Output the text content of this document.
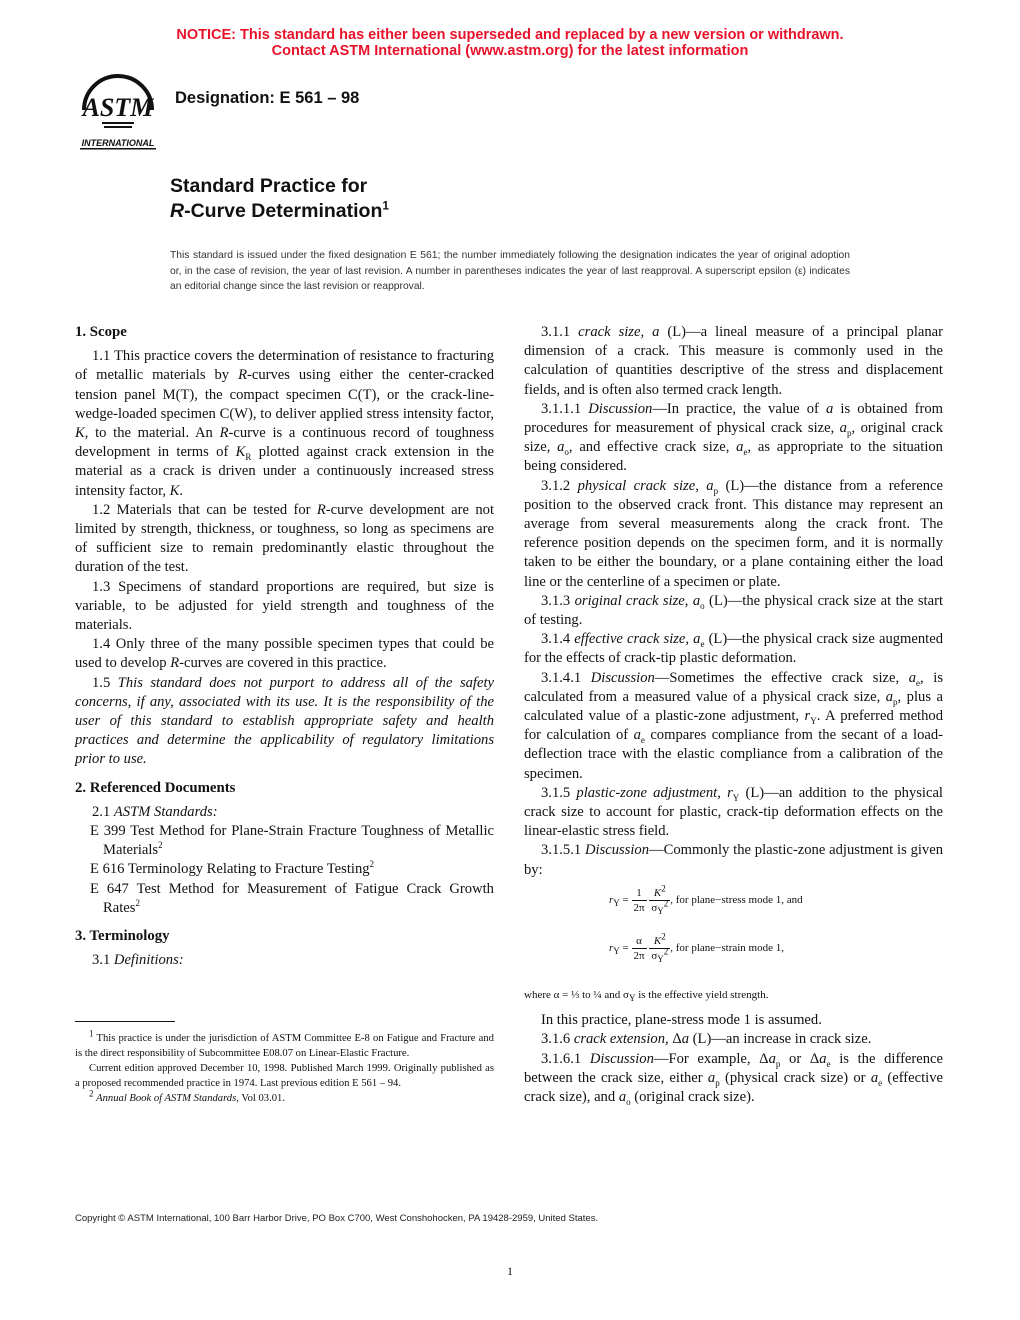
NOTICE: This standard has either been superseded and replaced by a new version or withdrawn.
Contact ASTM International (www.astm.org) for the latest information
ASTM
INTERNATIONAL
Designation: E 561 – 98
Standard Practice for
R-Curve Determination$^1$
This standard is issued under the fixed designation E 561; the number immediately following the designation indicates the year of original adoption or, in the case of revision, the year of last revision. A number in parentheses indicates the year of last reapproval. A superscript epsilon (ε) indicates an editorial change since the last revision or reapproval.
1. Scope

1.1 This practice covers the determination of resistance to fracturing of metallic materials by R-curves using either the center-cracked tension panel M(T), the compact specimen C(T), or the crack-line-wedge-loaded specimen C(W), to deliver applied stress intensity factor, K, to the material. An R-curve is a continuous record of toughness development in terms of $K_R$ plotted against crack extension in the material as a crack is driven under a continuously increased stress intensity factor, K.

1.2 Materials that can be tested for R-curve development are not limited by strength, thickness, or toughness, so long as specimens are of sufficient size to remain predominantly elastic throughout the duration of the test.

1.3 Specimens of standard proportions are required, but size is variable, to be adjusted for yield strength and toughness of the materials.

1.4 Only three of the many possible specimen types that could be used to develop R-curves are covered in this practice.

1.5 This standard does not purport to address all of the safety concerns, if any, associated with its use. It is the responsibility of the user of this standard to establish appropriate safety and health practices and determine the applicability of regulatory limitations prior to use.

2. Referenced Documents

2.1 ASTM Standards:

E 399 Test Method for Plane-Strain Fracture Toughness of Metallic Materials$^2$
E 616 Terminology Relating to Fracture Testing$^2$
E 647 Test Method for Measurement of Fatigue Crack Growth Rates$^2$
3. Terminology

3.1 Definitions:

$^1$ This practice is under the jurisdiction of ASTM Committee E-8 on Fatigue and Fracture and is the direct responsibility of Subcommittee E08.07 on Linear-Elastic Fracture.

Current edition approved December 10, 1998. Published March 1999. Originally published as a proposed recommended practice in 1974. Last previous edition E 561 – 94.

$^2$ Annual Book of ASTM Standards, Vol 03.01.

3.1.1 crack size, a (L)—a lineal measure of a principal planar dimension of a crack. This measure is commonly used in the calculation of quantities descriptive of the stress and displacement fields, and is often also termed crack length.

3.1.1.1 Discussion—In practice, the value of a is obtained from procedures for measurement of physical crack size, $a_p$, original crack size, $a_o$, and effective crack size, $a_e$, as appropriate to the situation being considered.

3.1.2 physical crack size, $a_p$ (L)—the distance from a reference position to the observed crack front. This distance may represent an average from several measurements along the crack front. The reference position depends on the specimen form, and it is normally taken to be either the boundary, or a plane containing either the load line or the centerline of a specimen or plate.

3.1.3 original crack size, $a_o$ (L)—the physical crack size at the start of testing.

3.1.4 effective crack size, $a_e$ (L)—the physical crack size augmented for the effects of crack-tip plastic deformation.

3.1.4.1 Discussion—Sometimes the effective crack size, $a_e$, is calculated from a measured value of a physical crack size, $a_p$, plus a calculated value of a plastic-zone adjustment, $r_Y$. A preferred method for calculation of $a_e$ compares compliance from the secant of a load-deflection trace with the elastic compliance from a calibration of the specimen.

3.1.5 plastic-zone adjustment, $r_Y$ (L)—an addition to the physical crack size to account for plastic, crack-tip deformation effects on the linear-elastic stress field.

3.1.5.1 Discussion—Commonly the plastic-zone adjustment is given by:

$r_Y = \frac{1}{2\pi}$
$\frac{K^2}{\sigma_Y^2}$ , for plane−stress mode 1, and
$r_Y = \frac{\alpha}{2\pi}$
$\frac{K^2}{\sigma_Y^2}$ , for plane−strain mode 1,
where α = ⅓ to ¼ and $\sigma_Y$ is the effective yield strength.

In this practice, plane-stress mode 1 is assumed.

3.1.6 crack extension, Δa (L)—an increase in crack size.

3.1.6.1 Discussion—For example, $\Delta a_p$ or $\Delta a_e$ is the difference between the crack size, either $a_p$ (physical crack size) or $a_e$ (effective crack size), and $a_o$ (original crack size).

Copyright © ASTM International, 100 Barr Harbor Drive, PO Box C700, West Conshohocken, PA 19428-2959, United States.
1
